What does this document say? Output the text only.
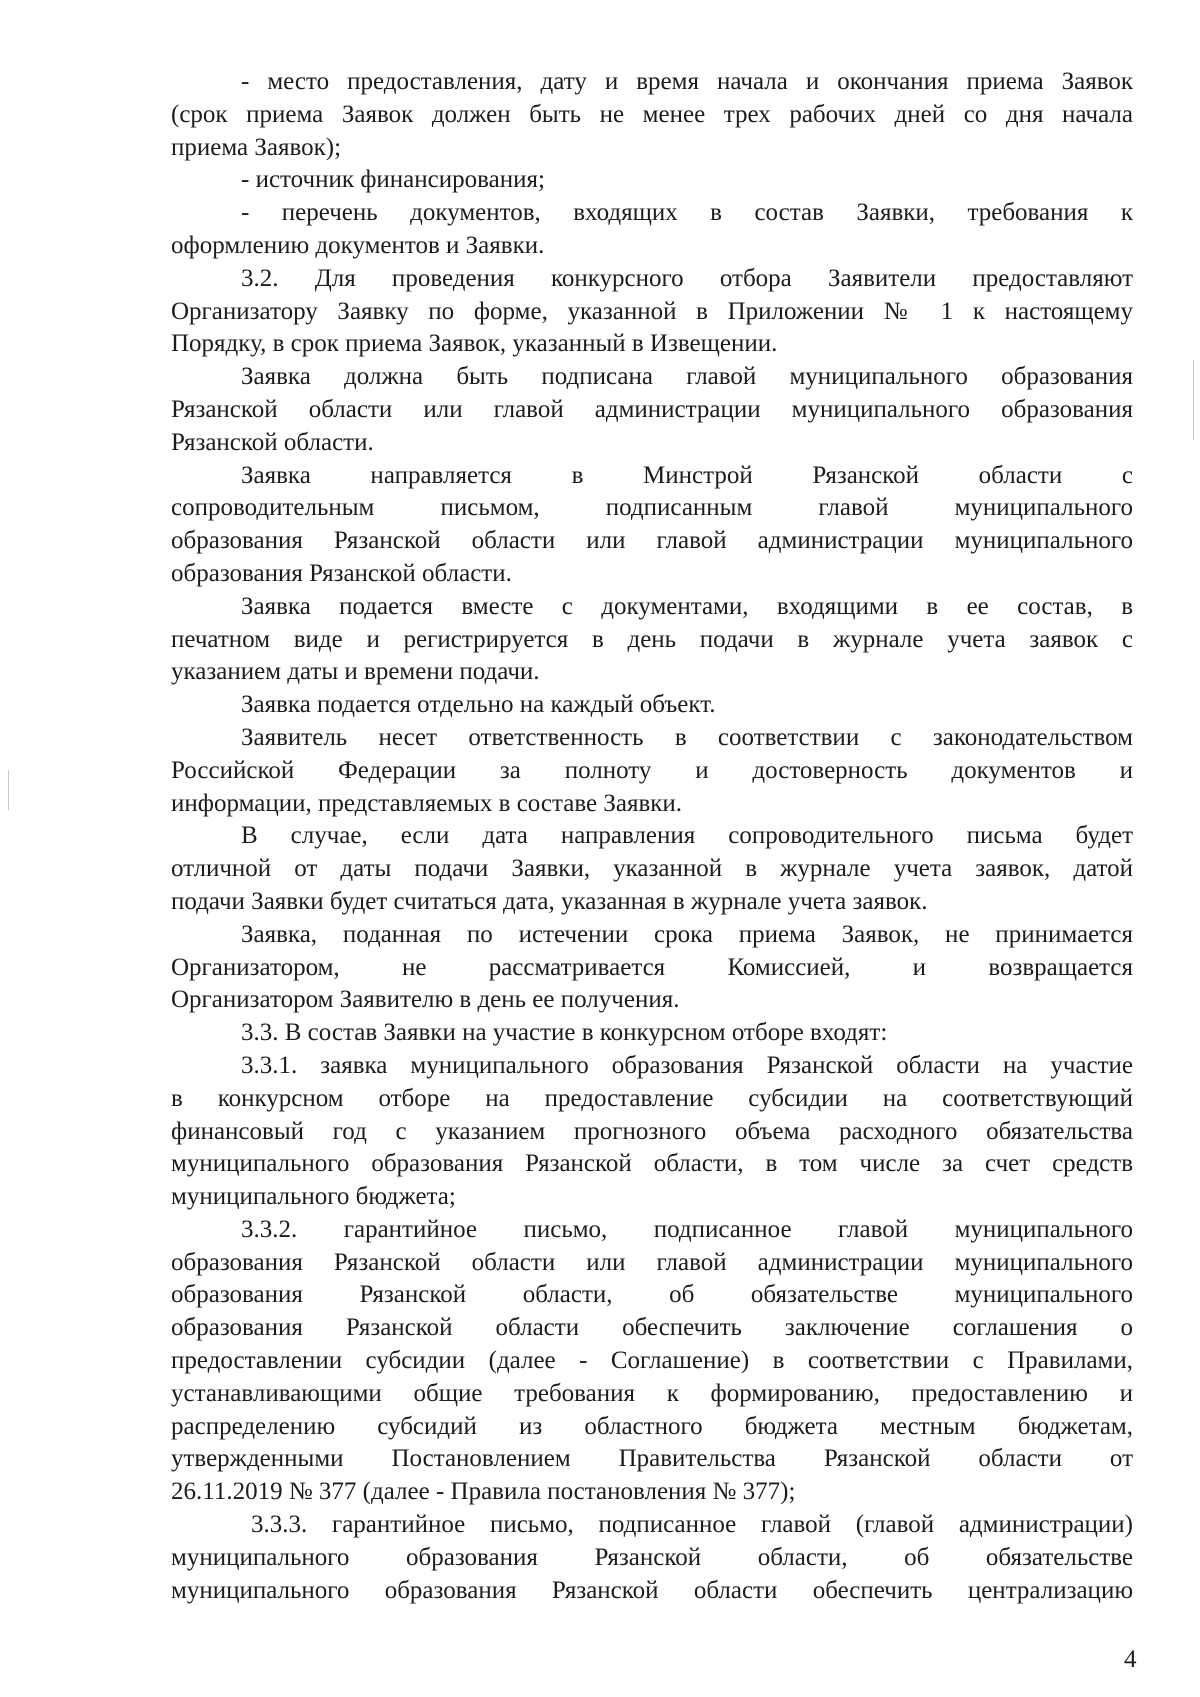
- место предоставления, дату и время начала и окончания приема Заявок
(срок приема Заявок должен быть не менее трех рабочих дней со дня начала
приема Заявок);
- источник финансирования;
- перечень документов, входящих в состав Заявки, требования к
оформлению документов и Заявки.
3.2. Для проведения конкурсного отбора Заявители предоставляют
Организатору Заявку по форме, указанной в Приложении № 1 к настоящему
Порядку, в срок приема Заявок, указанный в Извещении.
Заявка должна быть подписана главой муниципального образования
Рязанской области или главой администрации муниципального образования
Рязанской области.
Заявка направляется в Минстрой Рязанской области с
сопроводительным письмом, подписанным главой муниципального
образования Рязанской области или главой администрации муниципального
образования Рязанской области.
Заявка подается вместе с документами, входящими в ее состав, в
печатном виде и регистрируется в день подачи в журнале учета заявок с
указанием даты и времени подачи.
Заявка подается отдельно на каждый объект.
Заявитель несет ответственность в соответствии с законодательством
Российской Федерации за полноту и достоверность документов и
информации, представляемых в составе Заявки.
В случае, если дата направления сопроводительного письма будет
отличной от даты подачи Заявки, указанной в журнале учета заявок, датой
подачи Заявки будет считаться дата, указанная в журнале учета заявок.
Заявка, поданная по истечении срока приема Заявок, не принимается
Организатором, не рассматривается Комиссией, и возвращается
Организатором Заявителю в день ее получения.
3.3. В состав Заявки на участие в конкурсном отборе входят:
3.3.1. заявка муниципального образования Рязанской области на участие
в конкурсном отборе на предоставление субсидии на соответствующий
финансовый год с указанием прогнозного объема расходного обязательства
муниципального образования Рязанской области, в том числе за счет средств
муниципального бюджета;
3.3.2. гарантийное письмо, подписанное главой муниципального
образования Рязанской области или главой администрации муниципального
образования Рязанской области, об обязательстве муниципального
образования Рязанской области обеспечить заключение соглашения о
предоставлении субсидии (далее - Соглашение) в соответствии с Правилами,
устанавливающими общие требования к формированию, предоставлению и
распределению субсидий из областного бюджета местным бюджетам,
утвержденными Постановлением Правительства Рязанской области от
26.11.2019 № 377 (далее - Правила постановления № 377);
3.3.3. гарантийное письмо, подписанное главой (главой администрации)
муниципального образования Рязанской области, об обязательстве
муниципального образования Рязанской области обеспечить централизацию
4
